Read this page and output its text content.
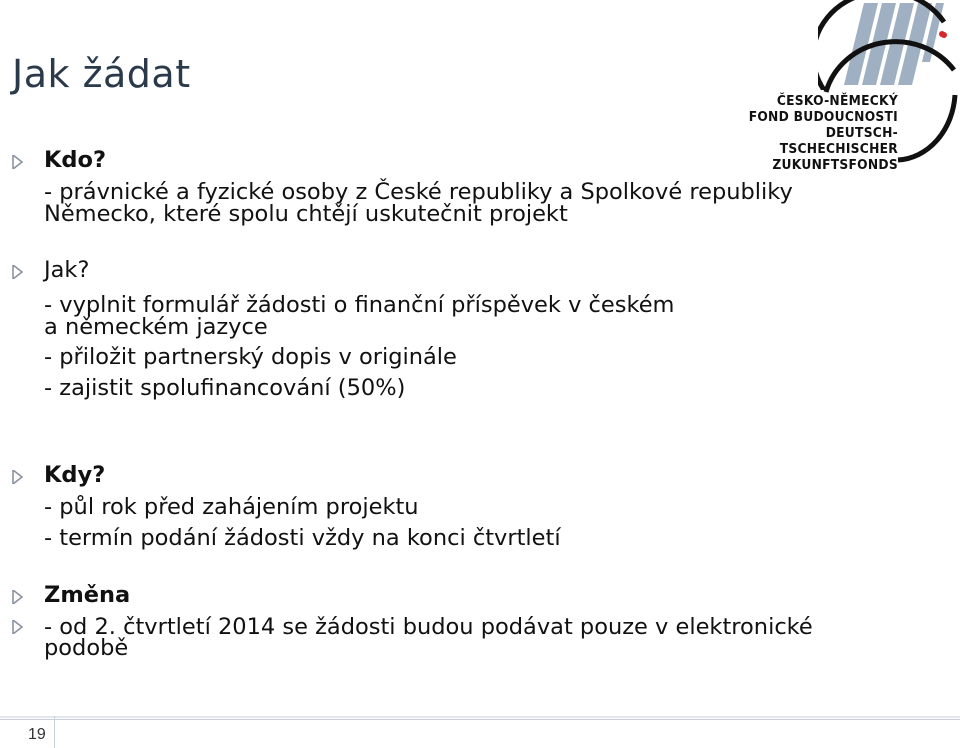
Jak žádat
ČESKO-NĚMECKÝ
FOND BUDOUCNOSTI
DEUTSCH-TSCHECHISCHER
ZUKUNFTSFONDS
Kdo?
- právnické a fyzické osoby z České republiky a Spolkové republiky
Německo, které spolu chtějí uskutečnit projekt
Jak?
- vyplnit formulář žádosti o finanční příspěvek v českém
a německém jazyce
- přiložit partnerský dopis v originále
- zajistit spolufinancování (50%)
Kdy?
- půl rok před zahájením projektu
- termín podání žádosti vždy na konci čtvrtletí
Změna
- od 2. čtvrtletí 2014 se žádosti budou podávat pouze v elektronické
podobě
19
